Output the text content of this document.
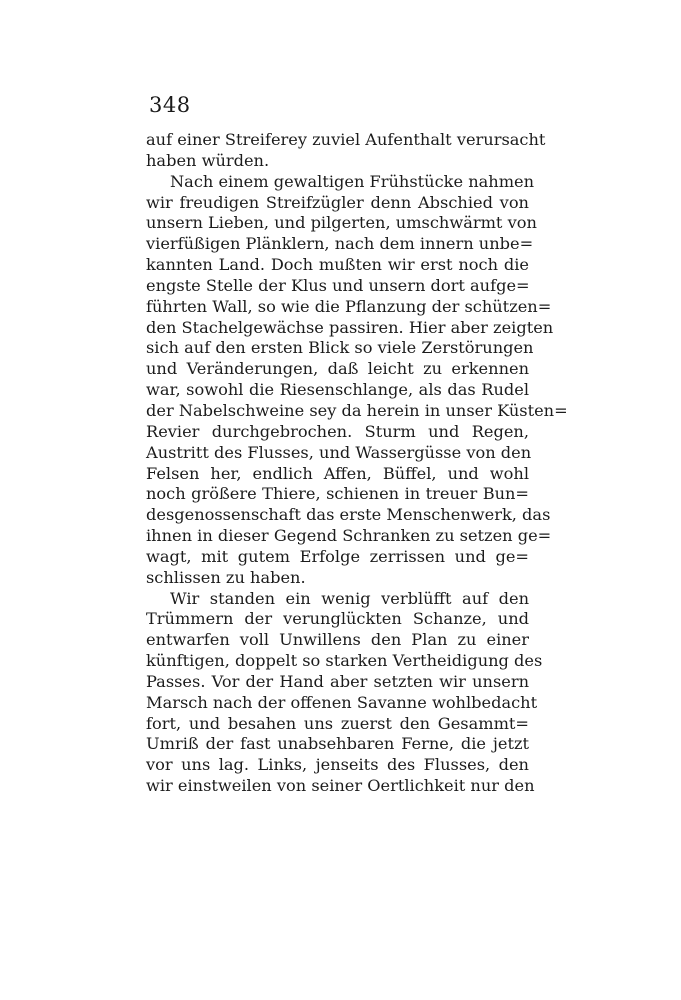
348
auf einer Streiferey zuviel Aufenthalt verursacht
haben würden.
Nach einem gewaltigen Frühstücke nahmen
wir freudigen Streifzügler denn Abschied von
unsern Lieben, und pilgerten, umschwärmt von
vierfüßigen Plänklern, nach dem innern unbe=
kannten Land. Doch mußten wir erst noch die
engste Stelle der Klus und unsern dort aufge=
führten Wall, so wie die Pflanzung der schützen=
den Stachelgewächse passiren. Hier aber zeigten
sich auf den ersten Blick so viele Zerstörungen
und Veränderungen, daß leicht zu erkennen
war, sowohl die Riesenschlange, als das Rudel
der Nabelschweine sey da herein in unser Küsten=
Revier durchgebrochen. Sturm und Regen,
Austritt des Flusses, und Wassergüsse von den
Felsen her, endlich Affen, Büffel, und wohl
noch größere Thiere, schienen in treuer Bun=
desgenossenschaft das erste Menschenwerk, das
ihnen in dieser Gegend Schranken zu setzen ge=
wagt, mit gutem Erfolge zerrissen und ge=
schlissen zu haben.
Wir standen ein wenig verblüfft auf den
Trümmern der verunglückten Schanze, und
entwarfen voll Unwillens den Plan zu einer
künftigen, doppelt so starken Vertheidigung des
Passes. Vor der Hand aber setzten wir unsern
Marsch nach der offenen Savanne wohlbedacht
fort, und besahen uns zuerst den Gesammt=
Umriß der fast unabsehbaren Ferne, die jetzt
vor uns lag. Links, jenseits des Flusses, den
wir einstweilen von seiner Oertlichkeit nur den
